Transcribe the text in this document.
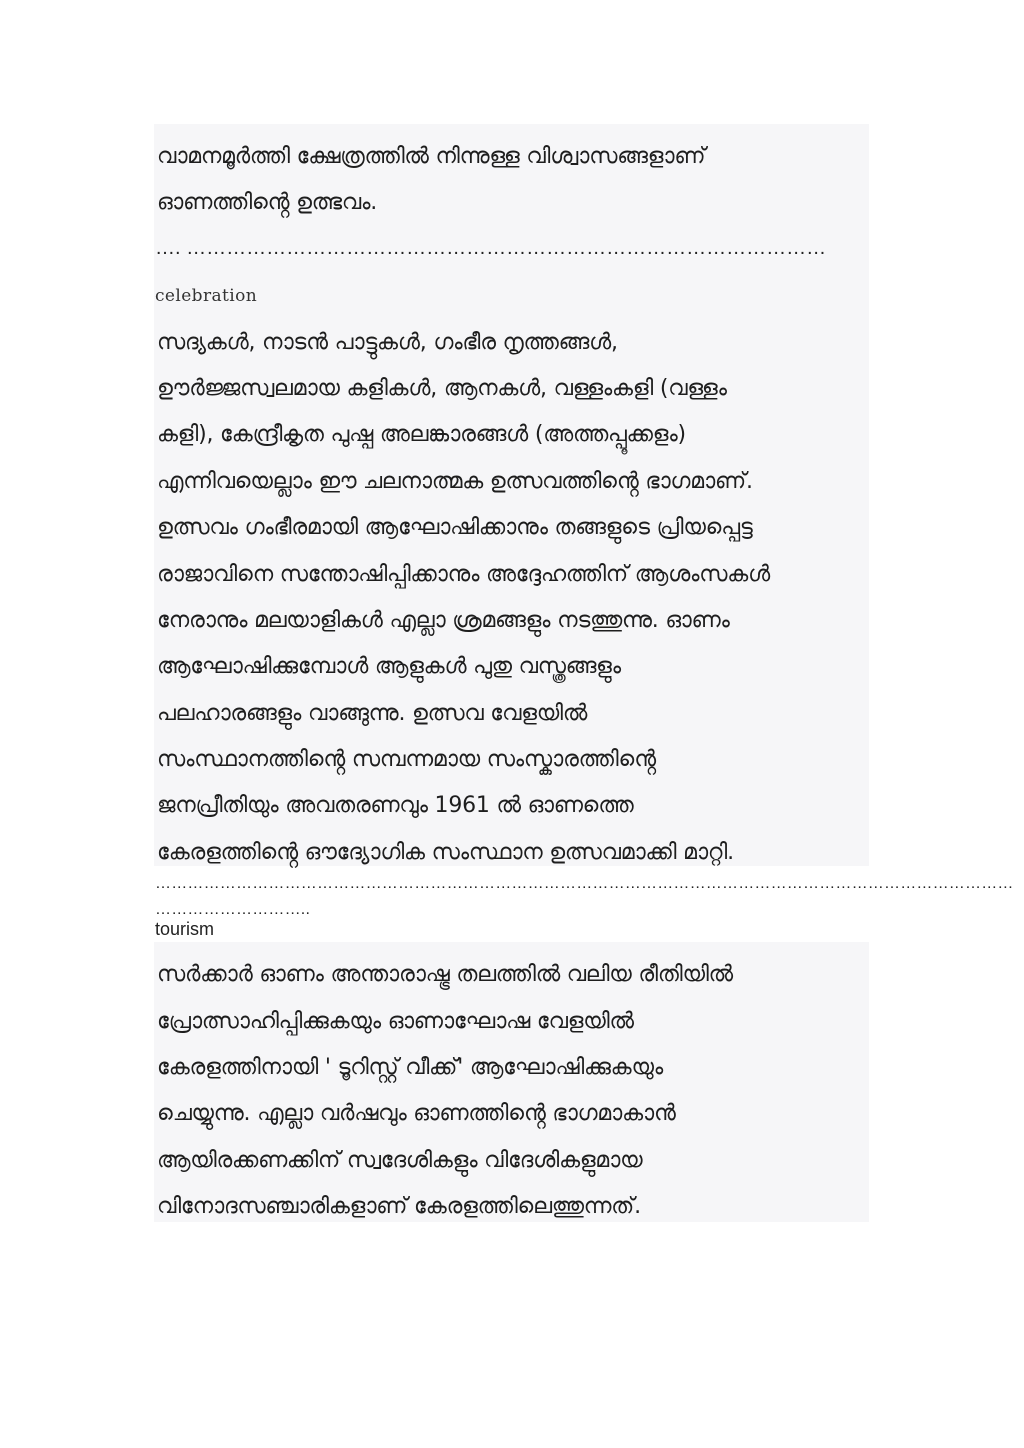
വാമനമൂർത്തി ക്ഷേത്രത്തിൽ നിന്നുള്ള വിശ്വാസങ്ങളാണ്
ഓണത്തിൻ്റെ ഉത്ഭവം.
…. ……………………………………………………………………………………
celebration
സദ്യകൾ, നാടൻ പാട്ടുകൾ, ഗംഭീര നൃത്തങ്ങൾ,
ഊർജ്ജസ്വലമായ കളികൾ, ആനകൾ, വള്ളംകളി (വള്ളം
കളി), കേന്ദ്രീകൃത പുഷ്പ അലങ്കാരങ്ങൾ (അത്തപ്പൂക്കളം)
എന്നിവയെല്ലാം ഈ ചലനാത്മക ഉത്സവത്തിൻ്റെ ഭാഗമാണ്.
ഉത്സവം ഗംഭീരമായി ആഘോഷിക്കാനും തങ്ങളുടെ പ്രിയപ്പെട്ട
രാജാവിനെ സന്തോഷിപ്പിക്കാനും അദ്ദേഹത്തിന് ആശംസകൾ
നേരാനും മലയാളികൾ എല്ലാ ശ്രമങ്ങളും നടത്തുന്നു. ഓണം
ആഘോഷിക്കുമ്പോൾ ആളുകൾ പുതു വസ്ത്രങ്ങളും
പലഹാരങ്ങളും വാങ്ങുന്നു. ഉത്സവ വേളയിൽ
സംസ്ഥാനത്തിൻ്റെ സമ്പന്നമായ സംസ്കാരത്തിൻ്റെ
ജനപ്രീതിയും അവതരണവും 1961 ൽ ഓണത്തെ
കേരളത്തിൻ്റെ ഔദ്യോഗിക സംസ്ഥാന ഉത്സവമാക്കി മാറ്റി.
……………………………………………………………………………………………………………………………………………
………………………..
tourism
സർക്കാർ ഓണം അന്താരാഷ്ട്ര തലത്തിൽ വലിയ രീതിയിൽ
പ്രോത്സാഹിപ്പിക്കുകയും ഓണാഘോഷ വേളയിൽ
കേരളത്തിനായി ' ടൂറിസ്റ്റ് വീക്ക്' ആഘോഷിക്കുകയും
ചെയ്യുന്നു. എല്ലാ വർഷവും ഓണത്തിൻ്റെ ഭാഗമാകാൻ
ആയിരക്കണക്കിന് സ്വദേശികളും വിദേശികളുമായ
വിനോദസഞ്ചാരികളാണ് കേരളത്തിലെത്തുന്നത്.
